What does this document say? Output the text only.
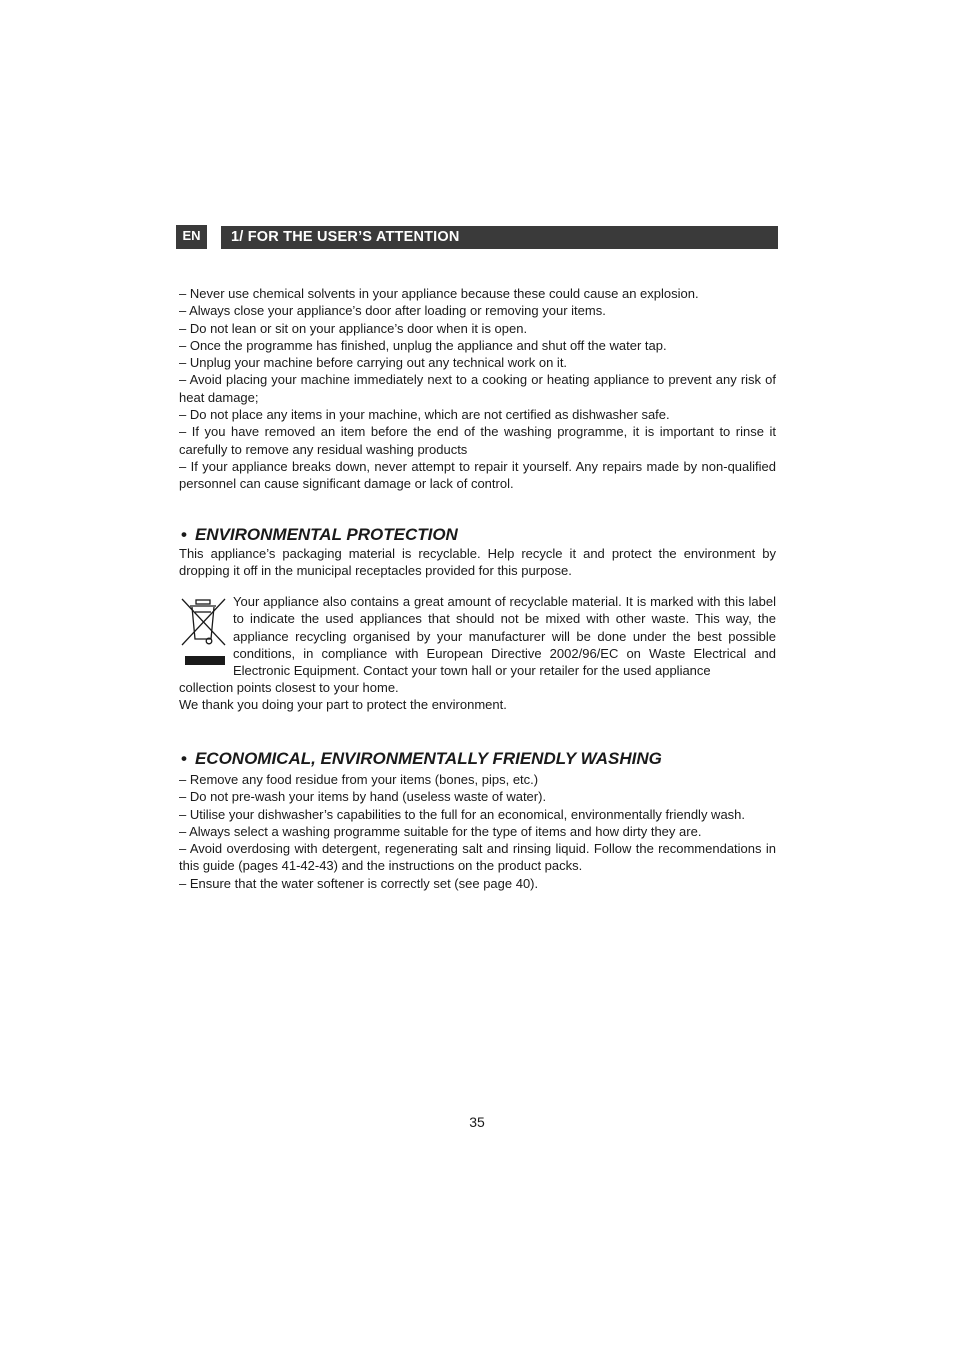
EN	1/ FOR THE USER’S ATTENTION

– Never use chemical solvents in your appliance because these could cause an explosion.

– Always close your appliance’s door after loading or removing your items.

– Do not lean or sit on your appliance’s door when it is open.

– Once the programme has finished, unplug the appliance and shut off the water tap.

– Unplug your machine before carrying out any technical work on it.

– Avoid placing your machine immediately next to a cooking or heating appliance to prevent any risk of heat damage;

– Do not place any items in your machine, which are not certified as dishwasher safe.

– If you have removed an item before the end of the washing programme, it is important to rinse it carefully to remove any residual washing products

– If your appliance breaks down, never attempt to repair it yourself. Any repairs made by non-qualified personnel can cause significant damage or lack of control.

• ENVIRONMENTAL PROTECTION

This appliance’s packaging material is recyclable. Help recycle it and protect the environment by dropping it off in the municipal receptacles provided for this purpose.

Your appliance also contains a great amount of recyclable material. It is marked with this label to indicate the used appliances that should not be mixed with other waste. This way, the appliance recycling organised by your manufacturer will be done under the best possible conditions, in compliance with European Directive 2002/96/EC on Waste Electrical and Electronic Equipment. Contact your town hall or your retailer for the used appliance

collection points closest to your home.

We thank you doing your part to protect the environment.

• ECONOMICAL, ENVIRONMENTALLY FRIENDLY WASHING

– Remove any food residue from your items (bones, pips, etc.)

– Do not pre-wash your items by hand (useless waste of water).

– Utilise your dishwasher’s capabilities to the full for an economical, environmentally friendly wash.

– Always select a washing programme suitable for the type of items and how dirty they are.

– Avoid overdosing with detergent, regenerating salt and rinsing liquid. Follow the recommendations in this guide (pages 41-42-43) and the instructions on the product packs.

– Ensure that the water softener is correctly set (see page 40).

35
